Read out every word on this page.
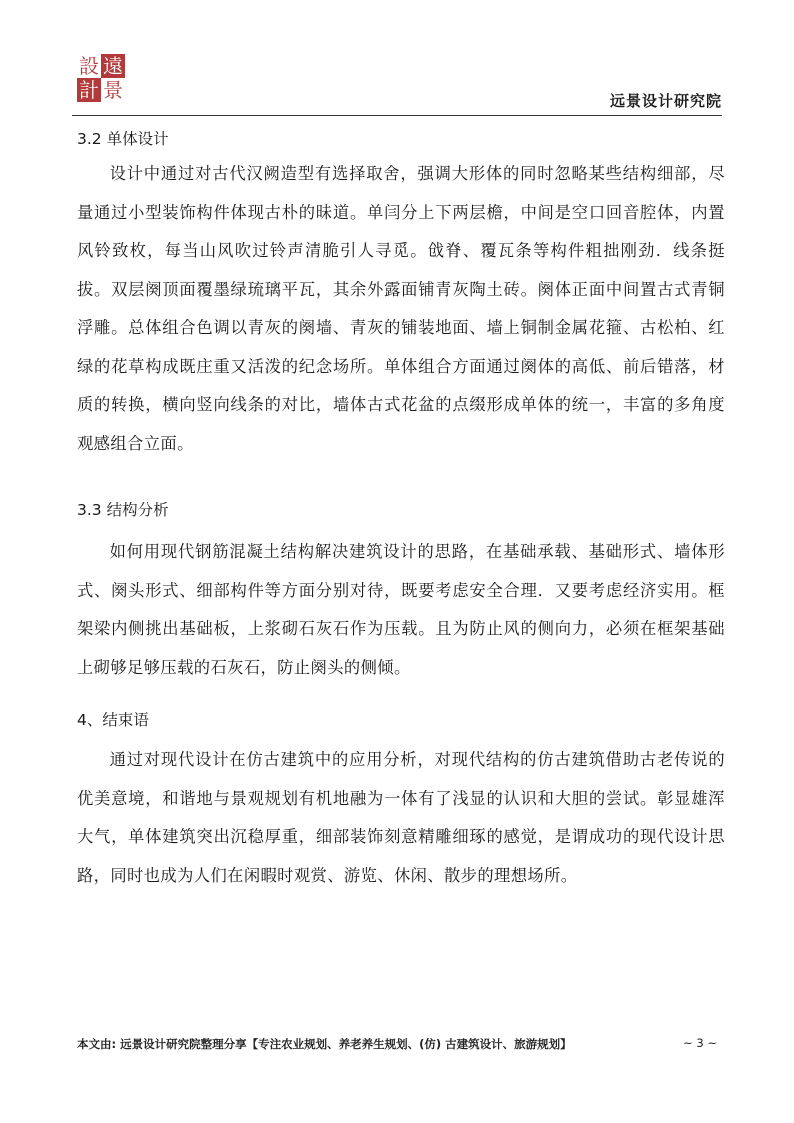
設 遠
計 景	远景设计研究院
3.2 单体设计
设计中通过对古代汉阙造型有选择取舍，强调大形体的同时忽略某些结构细部，尽量通过小型装饰构件体现古朴的昧道。单闫分上下两层檐，中间是空口回音腔体，内置风铃致枚，每当山风吹过铃声清脆引人寻觅。戗脊、覆瓦条等构件粗拙刚劲．线条挺拔。双层阕顶面覆墨绿琉璃平瓦，其余外露面铺青灰陶土砖。阕体正面中间置古式青铜浮雕。总体组合色调以青灰的阕墙、青灰的铺装地面、墙上铜制金属花箍、古松柏、红绿的花草构成既庄重又活泼的纪念场所。单体组合方面通过阕体的高低、前后错落，材质的转换，横向竖向线条的对比，墙体古式花盆的点缀形成单体的统一，丰富的多角度观感组合立面。
3.3 结构分析
如何用现代钢筋混凝土结构解决建筑设计的思路，在基础承载、基础形式、墙体形式、阕头形式、细部构件等方面分别对待，既要考虑安全合理．又要考虑经济实用。框架梁内侧挑出基础板，上浆砌石灰石作为压载。且为防止风的侧向力，必须在框架基础上砌够足够压载的石灰石，防止阕头的侧倾。
4、结束语
通过对现代设计在仿古建筑中的应用分析，对现代结构的仿古建筑借助古老传说的优美意境，和谐地与景观规划有机地融为一体有了浅显的认识和大胆的尝试。彰显雄浑大气，单体建筑突出沉稳厚重，细部装饰刻意精雕细琢的感觉，是谓成功的现代设计思路，同时也成为人们在闲暇时观赏、游览、休闲、散步的理想场所。
本文由: 远景设计研究院整理分享【专注农业规划、养老养生规划、(仿) 古建筑设计、旅游规划】	~ 3 ~
